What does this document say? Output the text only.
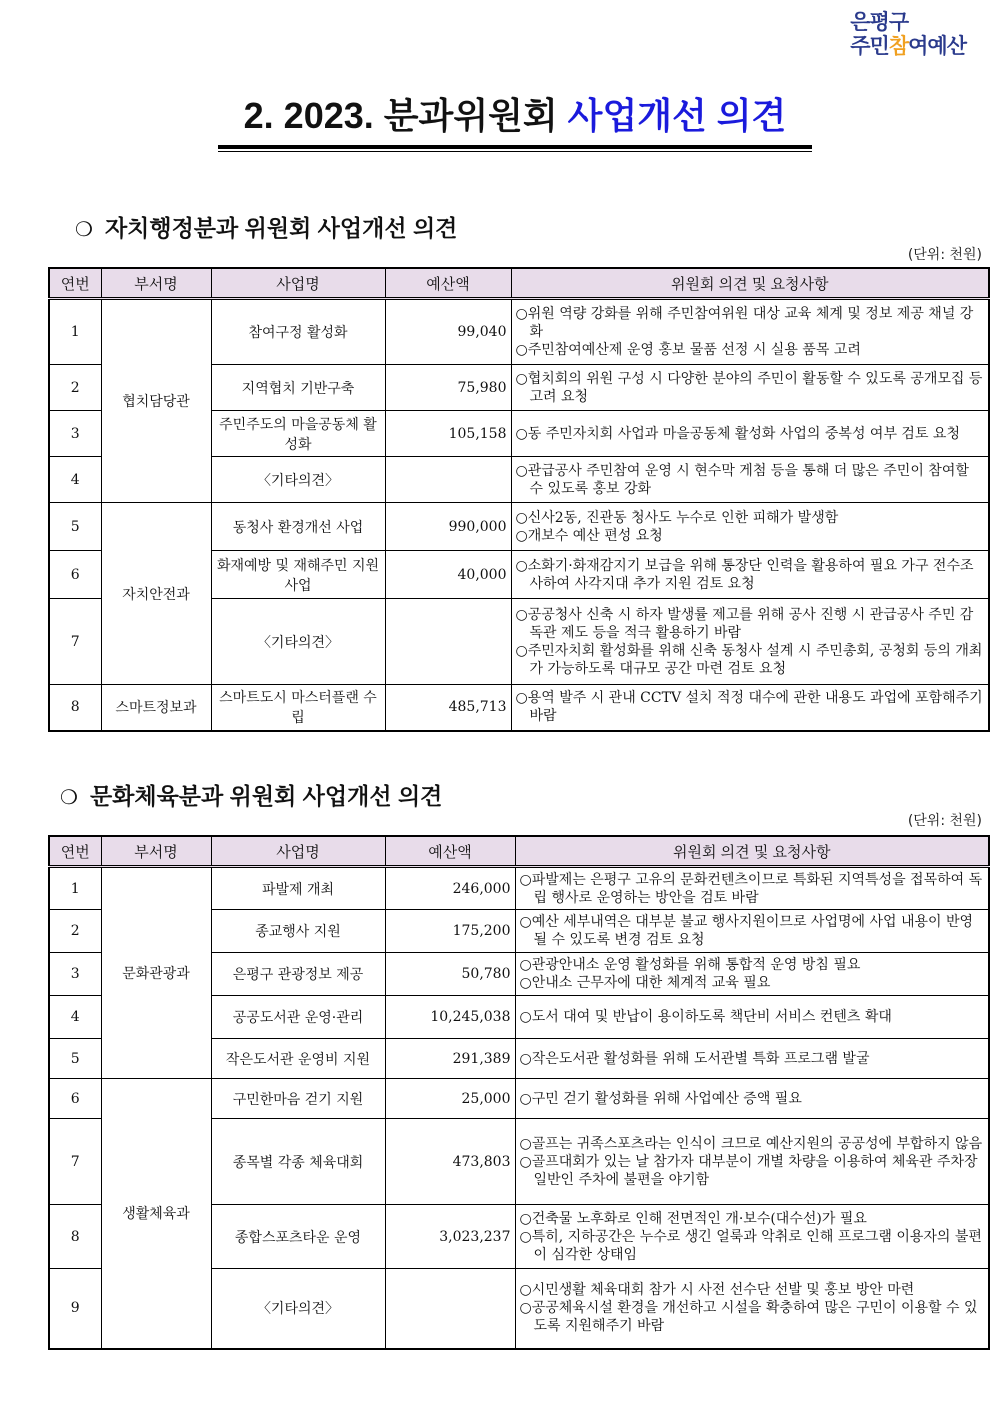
은평구
주민참여예산
2. 2023. 분과위원회 사업개선 의견
❍ 자치행정분과 위원회 사업개선 의견
(단위: 천원)
연번	부서명	사업명	예산액	위원회 의견 및 요청사항
1	협치담당관	참여구정 활성화	99,040	○위원 역량 강화를 위해 주민참여위원 대상 교육 체계 및 정보 제공 채널 강화
○주민참여예산제 운영 홍보 물품 선정 시 실용 품목 고려

2		지역협치 기반구축	75,980	○협치회의 위원 구성 시 다양한 분야의 주민이 활동할 수 있도록 공개모집 등 고려 요청

3		주민주도의 마을공동체 활성화	105,158	○동 주민자치회 사업과 마을공동체 활성화 사업의 중복성 여부 검토 요청

4		〈기타의견〉		○관급공사 주민참여 운영 시 현수막 게첨 등을 통해 더 많은 주민이 참여할 수 있도록 홍보 강화

5	자치안전과	동청사 환경개선 사업	990,000	○신사2동, 진관동 청사도 누수로 인한 피해가 발생함
○개보수 예산 편성 요청

6		화재예방 및 재해주민 지원사업	40,000	○소화기·화재감지기 보급을 위해 통장단 인력을 활용하여 필요 가구 전수조사하여 사각지대 추가 지원 검토 요청

7		〈기타의견〉		○공공청사 신축 시 하자 발생률 제고를 위해 공사 진행 시 관급공사 주민 감독관 제도 등을 적극 활용하기 바람
○주민자치회 활성화를 위해 신축 동청사 설계 시 주민총회, 공청회 등의 개최가 가능하도록 대규모 공간 마련 검토 요청

8	스마트정보과	스마트도시 마스터플랜 수립	485,713	○용역 발주 시 관내 CCTV 설치 적정 대수에 관한 내용도 과업에 포함해주기 바람
❍ 문화체육분과 위원회 사업개선 의견
(단위: 천원)
연번	부서명	사업명	예산액	위원회 의견 및 요청사항
1	문화관광과	파발제 개최	246,000	○파발제는 은평구 고유의 문화컨텐츠이므로 특화된 지역특성을 접목하여 독립 행사로 운영하는 방안을 검토 바람

2		종교행사 지원	175,200	○예산 세부내역은 대부분 불교 행사지원이므로 사업명에 사업 내용이 반영될 수 있도록 변경 검토 요청

3		은평구 관광정보 제공	50,780	○관광안내소 운영 활성화를 위해 통합적 운영 방침 필요
○안내소 근무자에 대한 체계적 교육 필요

4		공공도서관 운영·관리	10,245,038	○도서 대여 및 반납이 용이하도록 책단비 서비스 컨텐츠 확대

5		작은도서관 운영비 지원	291,389	○작은도서관 활성화를 위해 도서관별 특화 프로그램 발굴

6	생활체육과	구민한마음 걷기 지원	25,000	○구민 걷기 활성화를 위해 사업예산 증액 필요

7		종목별 각종 체육대회	473,803	○골프는 귀족스포츠라는 인식이 크므로 예산지원의 공공성에 부합하지 않음
○골프대회가 있는 날 참가자 대부분이 개별 차량을 이용하여 체육관 주차장 일반인 주차에 불편을 야기함

8		종합스포츠타운 운영	3,023,237	○건축물 노후화로 인해 전면적인 개·보수(대수선)가 필요
○특히, 지하공간은 누수로 생긴 얼룩과 악취로 인해 프로그램 이용자의 불편이 심각한 상태임

9		〈기타의견〉		○시민생활 체육대회 참가 시 사전 선수단 선발 및 홍보 방안 마련
○공공체육시설 환경을 개선하고 시설을 확충하여 많은 구민이 이용할 수 있도록 지원해주기 바람
